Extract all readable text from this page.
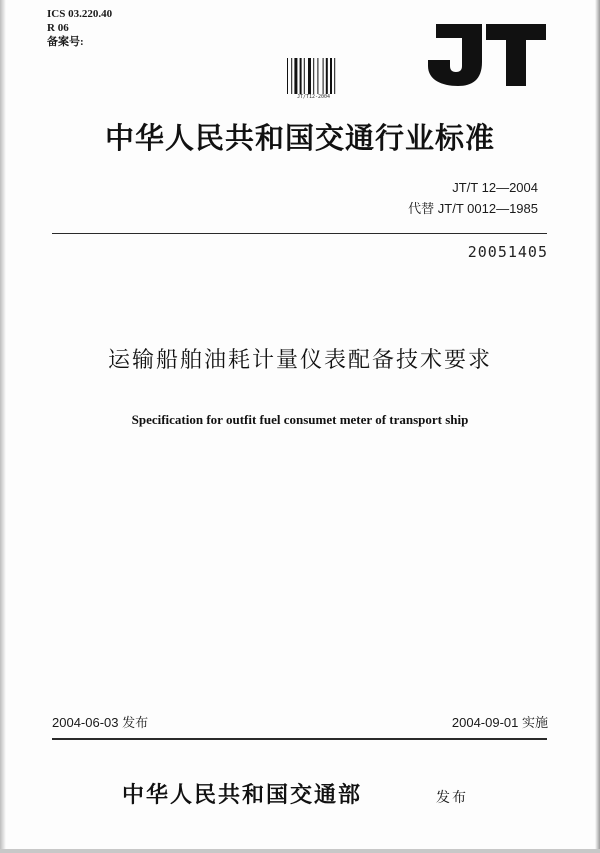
ICS 03.220.40
R 06
备案号:
JT/T12-2004
中华人民共和国交通行业标准
JT/T 12—2004
代替 JT/T 0012—1985
20051405
运输船舶油耗计量仪表配备技术要求
Specification for outfit fuel consumet meter of transport ship
2004-06-03 发布	2004-09-01 实施
中华人民共和国交通部	发布
